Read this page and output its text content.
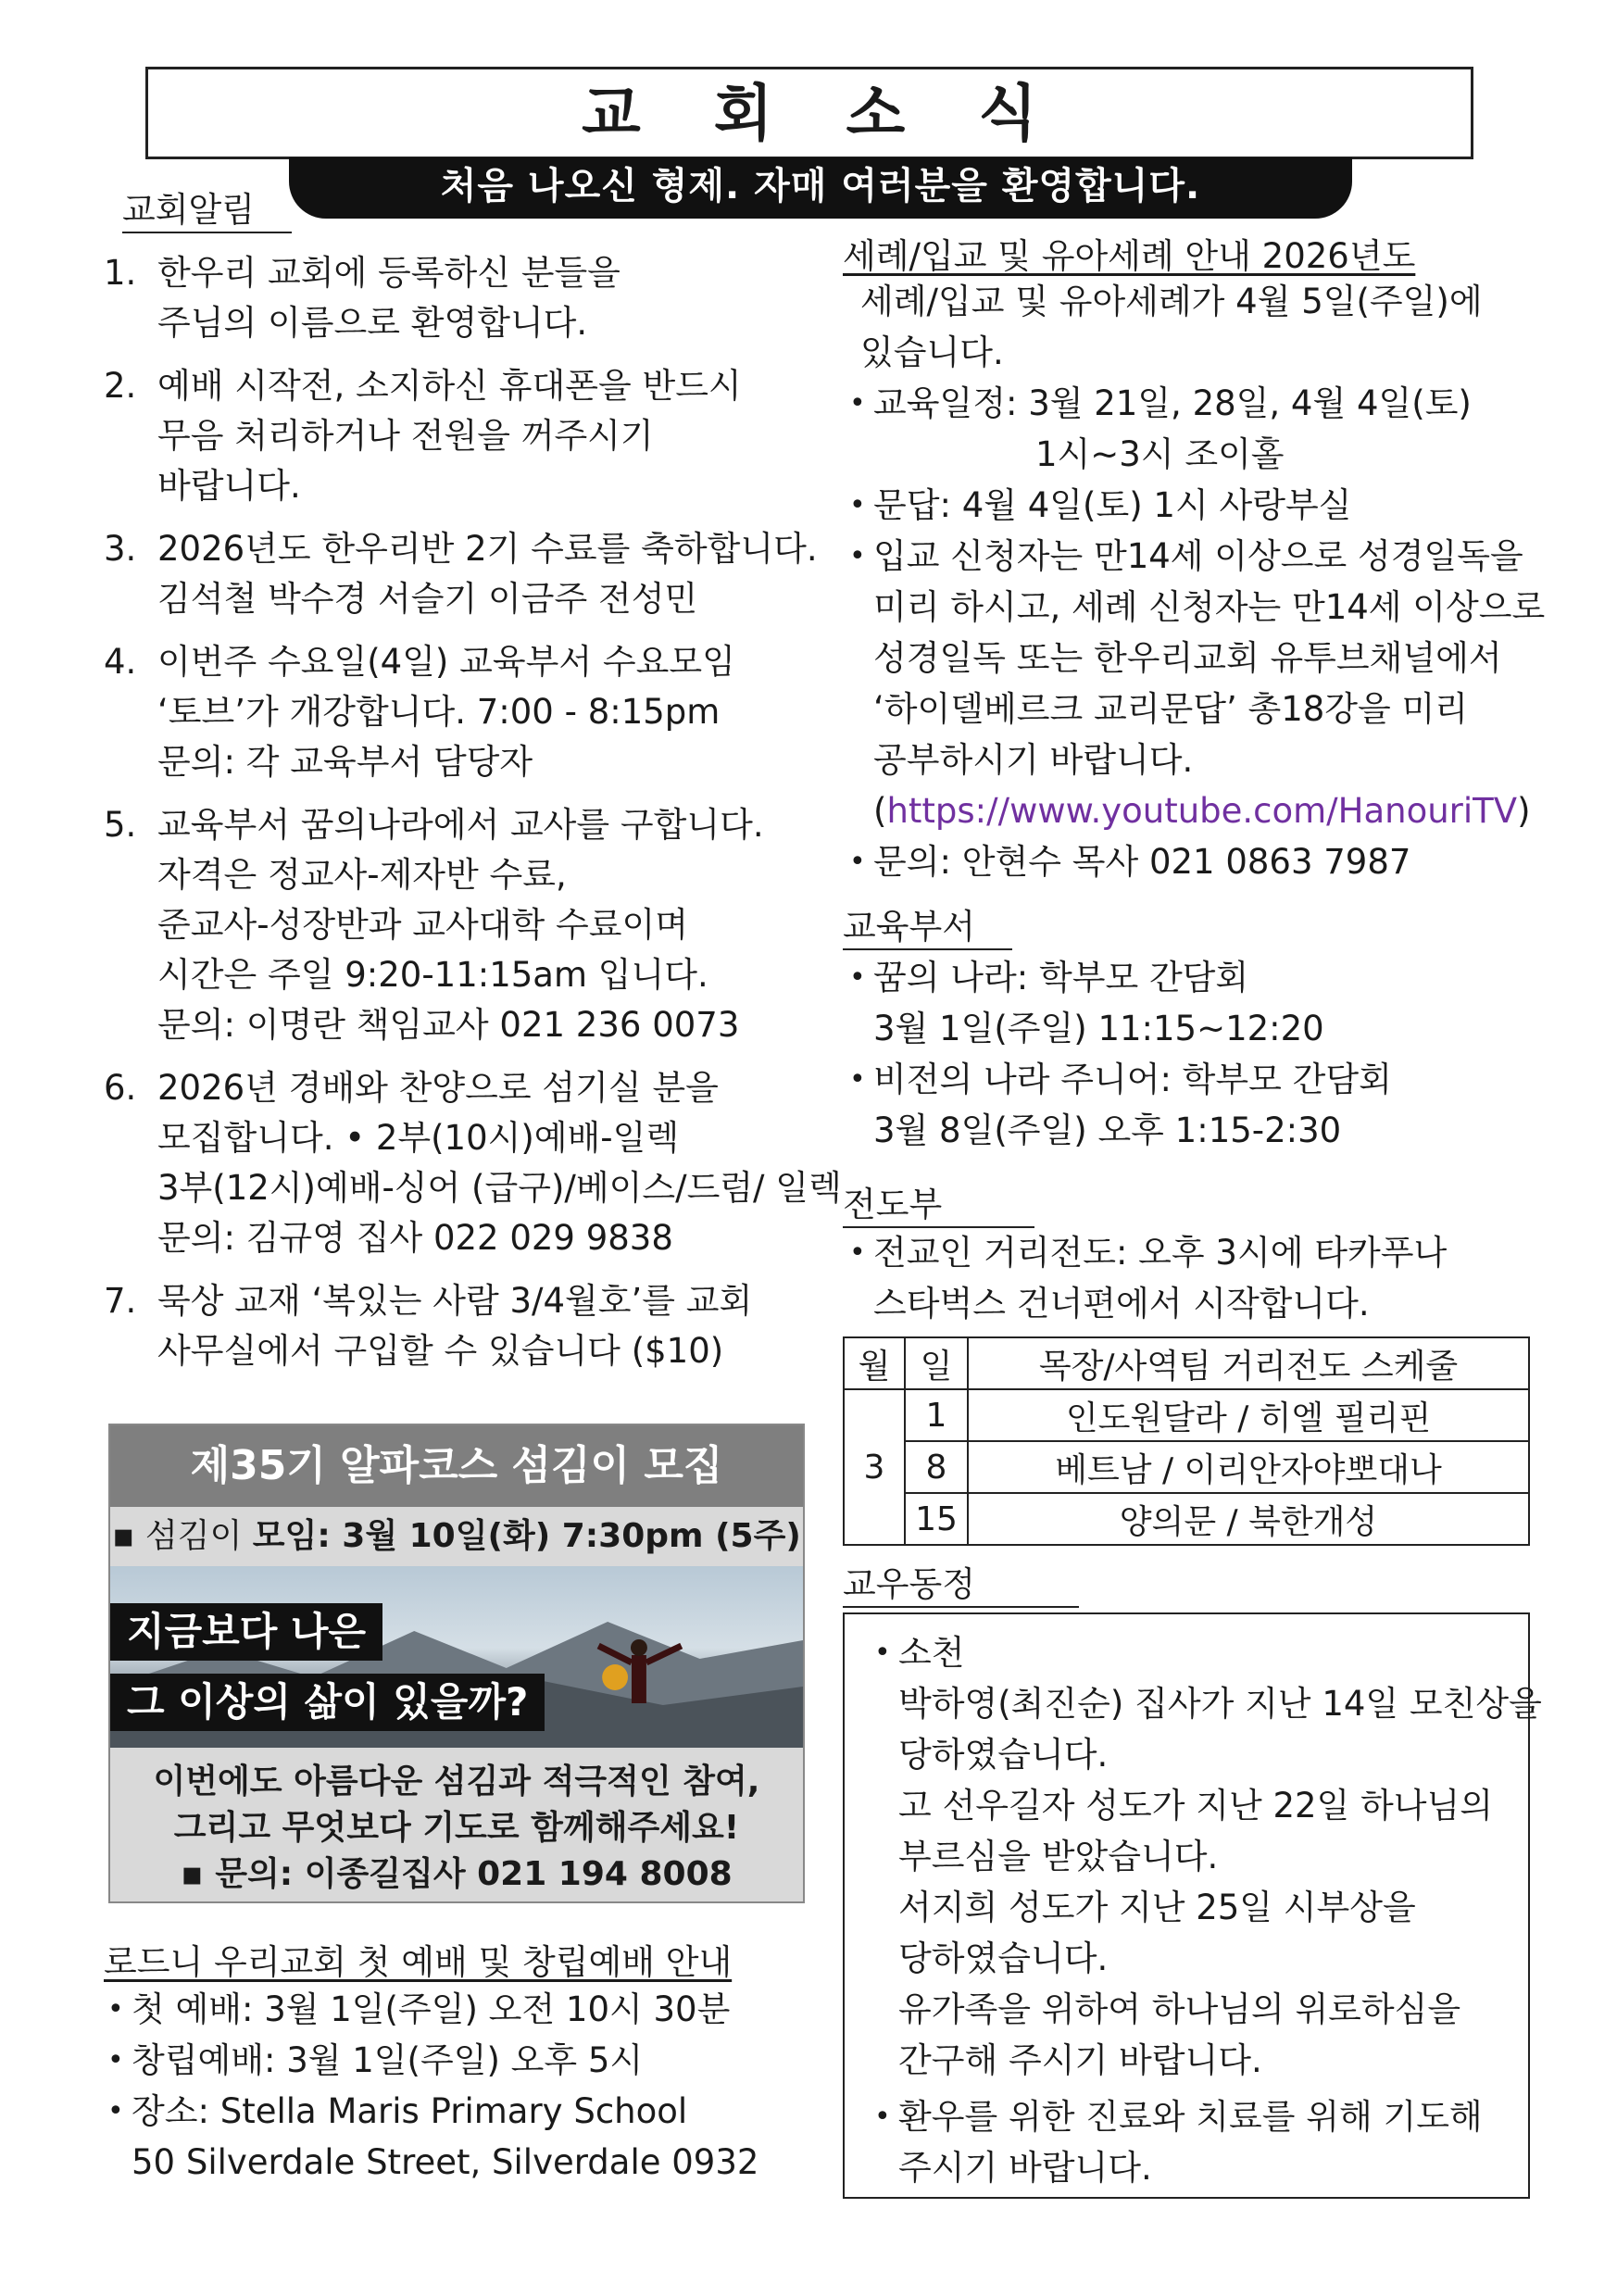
교 회 소 식
처음 나오신 형제. 자매 여러분을 환영합니다.
교회알림
1. 한우리 교회에 등록하신 분들을
주님의 이름으로 환영합니다.
2. 예배 시작전, 소지하신 휴대폰을 반드시
무음 처리하거나 전원을 꺼주시기
바랍니다.
3. 2026년도 한우리반 2기 수료를 축하합니다.
김석철 박수경 서슬기 이금주 전성민
4. 이번주 수요일(4일) 교육부서 수요모임
‘토브’가 개강합니다. 7:00 - 8:15pm
문의: 각 교육부서 담당자
5. 교육부서 꿈의나라에서 교사를 구합니다.
자격은 정교사-제자반 수료,
준교사-성장반과 교사대학 수료이며
시간은 주일 9:20-11:15am 입니다.
문의: 이명란 책임교사 021 236 0073
6. 2026년 경배와 찬양으로 섬기실 분을
모집합니다. • 2부(10시)예배-일렉
3부(12시)예배-싱어 (급구)/베이스/드럼/ 일렉
문의: 김규영 집사 022 029 9838
7. 묵상 교재 ‘복있는 사람 3/4월호’를 교회
사무실에서 구입할 수 있습니다 ($10)
제35기 알파코스 섬김이 모집
▪ 섬김이 모임: 3월 10일(화) 7:30pm (5주)
지금보다 나은
그 이상의 삶이 있을까?
이번에도 아름다운 섬김과 적극적인 참여,
그리고 무엇보다 기도로 함께해주세요!
▪ 문의: 이종길집사 021 194 8008
로드니 우리교회 첫 예배 및 창립예배 안내
• 첫 예배: 3월 1일(주일) 오전 10시 30분
• 창립예배: 3월 1일(주일) 오후 5시
• 장소: Stella Maris Primary School
50 Silverdale Street, Silverdale 0932
세례/입교 및 유아세례 안내 2026년도
세례/입교 및 유아세례가 4월 5일(주일)에
있습니다.
• 교육일정: 3월 21일, 28일, 4월 4일(토)
1시~3시 조이홀
• 문답: 4월 4일(토) 1시 사랑부실
• 입교 신청자는 만14세 이상으로 성경일독을
미리 하시고, 세례 신청자는 만14세 이상으로
성경일독 또는 한우리교회 유투브채널에서
‘하이델베르크 교리문답’ 총18강을 미리
공부하시기 바랍니다.
(https://www.youtube.com/HanouriTV)
• 문의: 안현수 목사 021 0863 7987
교육부서
• 꿈의 나라: 학부모 간담회
3월 1일(주일) 11:15~12:20
• 비전의 나라 주니어: 학부모 간담회
3월 8일(주일) 오후 1:15-2:30
전도부
• 전교인 거리전도: 오후 3시에 타카푸나
스타벅스 건너편에서 시작합니다.
월	일	목장/사역팀 거리전도 스케줄
3	1	인도원달라 / 히엘 필리핀
	8	베트남 / 이리안자야뽀대나
	15	양의문 / 북한개성
교우동정
• 소천
박하영(최진순) 집사가 지난 14일 모친상을
당하였습니다.
고 선우길자 성도가 지난 22일 하나님의
부르심을 받았습니다.
서지희 성도가 지난 25일 시부상을
당하였습니다.
유가족을 위하여 하나님의 위로하심을
간구해 주시기 바랍니다.
• 환우를 위한 진료와 치료를 위해 기도해
주시기 바랍니다.
